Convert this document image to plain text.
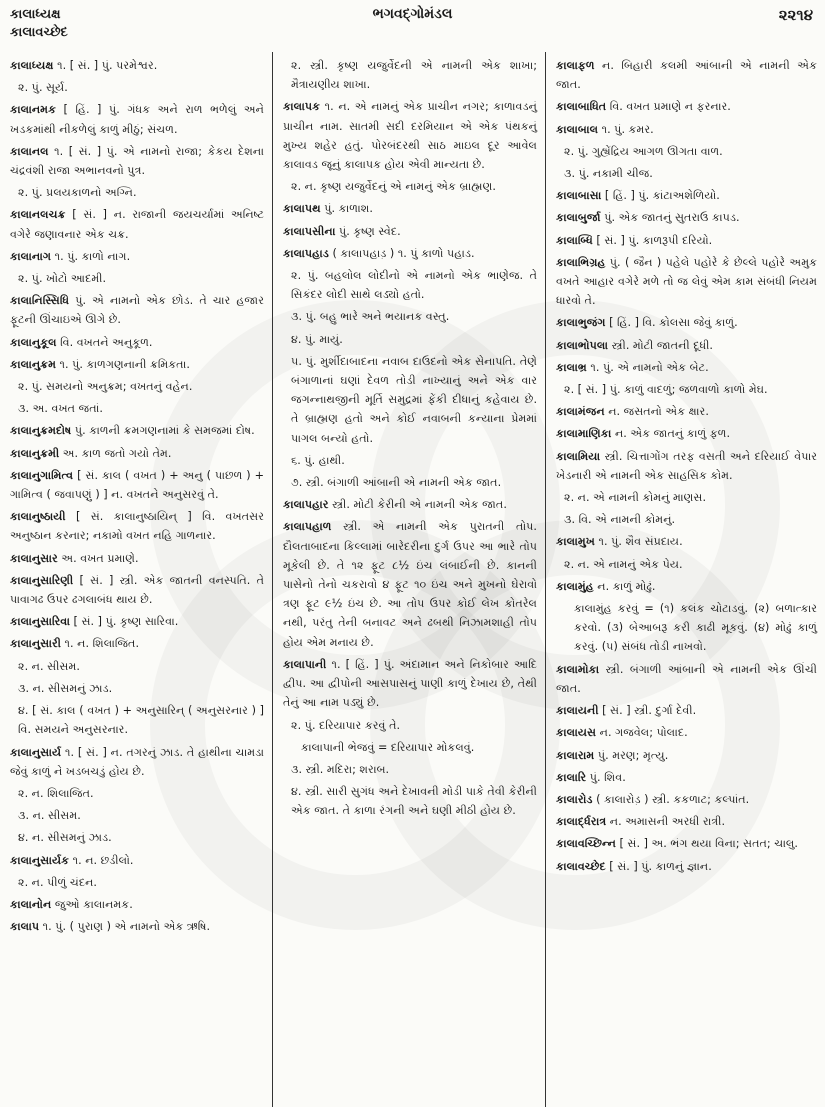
કાલાધ્યક્ષ
કાલાવચ્છેદ
ભગવદ્ગોમંડલ	૨૨૧૪
કાલાધ્યક્ષ ૧. [ સં. ] પું. પરમેશ્વર.
૨. પું. સૂર્ય.
કાલાનમક [ હિં. ] પું. ગંધક અને રાળ ભળેલું અને ખડકમાંથી નીકળેલું કાળું મીઠું; સંચળ.
કાલાનલ ૧. [ સં. ] પું. એ નામનો રાજા; કેકય દેશના ચંદ્રવંશી રાજા અભાનવનો પુત્ર.
૨. પું. પ્રલયકાળનો અગ્નિ.
કાલાનલચક્ર [ સં. ] ન. રાજાની જયચર્યામાં અનિષ્ટ વગેરે જણાવનાર એક ચક્ર.
કાલાનાગ ૧. પું. કાળો નાગ.
૨. પું. ખોટો આદમી.
કાલાનિસ્સિધિ પું. એ નામનો એક છોડ. તે ચાર હજાર ફૂટની ઊંચાઇએ ઊગે છે.
કાલાનુકૂલ વિ. વખતને અનુકૂળ.
કાલાનુક્રમ ૧. પું. કાળગણનાની ક્રમિકતા.
૨. પું. સમયનો અનુક્રમ; વખતનું વહેન.
૩. અ. વખત જતાં.
કાલાનુક્રમદોષ પું. કાળની ક્રમગણનામાં કે સમજમાં દોષ.
કાલાનુક્રમી અ. કાળ જતો ગયો તેમ.
કાલાનુગામિત્વ [ સં. કાલ ( વખત ) + અનુ ( પાછળ ) + ગામિત્વ ( જવાપણું ) ] ન. વખતને અનુસરવું તે.
કાલાનુષ્ઠાયી [ સં. કાલાનુષ્ઠાયિન્ ] વિ. વખતસર અનુષ્ઠાન કરનાર; નકામો વખત નહિ ગાળનાર.
કાલાનુસાર અ. વખત પ્રમાણે.
કાલાનુસારિણી [ સં. ] સ્ત્રી. એક જાતની વનસ્પતિ. તે પાવાગઢ ઉપર ઢગલાબંધ થાય છે.
કાલાનુસારિવા [ સં. ] પું. કૃષ્ણ સારિવા.
કાલાનુસારી ૧. ન. શિલાજિત.
૨. ન. સીસમ.
૩. ન. સીસમનું ઝાડ.
૪. [ સં. કાલ ( વખત ) + અનુસારિન્ ( અનુસરનાર ) ] વિ. સમયને અનુસરનાર.
કાલાનુસાર્ય ૧. [ સં. ] ન. તગરનું ઝાડ. તે હાથીના ચામડા જેવું કાળું ને ખડબચડું હોય છે.
૨. ન. શિલાજિત.
૩. ન. સીસમ.
૪. ન. સીસમનું ઝાડ.
કાલાનુસાર્યક ૧. ન. છડીલો.
૨. ન. પીળું ચંદન.
કાલાનોન જુઓ કાલાનમક.
કાલાપ ૧. પું. ( પુરાણ ) એ નામનો એક ઋષિ.
૨. સ્ત્રી. કૃષ્ણ યજુર્વેદની એ નામની એક શાખા; મૈત્રાયણીય શાખા.
કાલાપક ૧. ન. એ નામનું એક પ્રાચીન નગર; કાળાવડનું પ્રાચીન નામ. સાતમી સદી દરમિયાન એ એક પંથકનું મુખ્ય શહેર હતું. પોરબંદરથી સાઠ માઇલ દૂર આવેલ કાલાવડ જૂનું કાલાપક હોય એવી માન્યતા છે.
૨. ન. કૃષ્ણ યજુર્વેદનું એ નામનું એક બ્રાહ્મણ.
કાલાપથ પું. કાળાશ.
કાલાપસીના પું. કૃષ્ણ સ્વેદ.
કાલાપહાડ ( કાલાપહાડ઼ ) ૧. પું કાળો પહાડ.
૨. પું. બહલોલ લોદીનો એ નામનો એક ભાણેજ. તે સિકંદર લોદી સાથે લડ્યો હતો.
૩. પું. બહુ ભારે અને ભયાનક વસ્તુ.
૪. પું. માયું.
૫. પું. મુર્શીદાબાદના નવાબ દાઉદનો એક સેનાપતિ. તેણે બંગાળાનાં ઘણાં દેવળ તોડી નાખ્યાનું અને એક વાર જગન્નાથજીની મૂર્તિ સમુદ્રમાં ફેંકી દીધાનું કહેવાય છે. તે બ્રાહ્મણ હતો અને કોઈ નવાબની કન્યાના પ્રેમમાં પાગલ બન્યો હતો.
૬. પું. હાથી.
૭. સ્ત્રી. બંગાળી આંબાની એ નામની એક જાત.
કાલાપહાર સ્ત્રી. મોટી કેરીની એ નામની એક જાત.
કાલાપહાળ સ્ત્રી. એ નામની એક પુરાતની તોપ. દૌલતાબાદના કિલ્લામાં બારેદરીના દુર્ગ ઉપર આ ભારે તોપ મૂકેલી છે. તે ૧૨ ફૂટ ૮½ ઇંચ લંબાઈની છે. કાનની પાસેનો તેનો ચકરાવો ૪ ફૂટ ૧૦ ઇંચ અને મુખનો ઘેરાવો ત્રણ ફૂટ ૯½ ઇંચ છે. આ તોપ ઉપર કોઈ લેખ કોતરેલ નથી, પરંતુ તેની બનાવટ અને ઢબથી નિઝામશાહી તોપ હોય એમ મનાય છે.
કાલાપાની ૧. [ હિં. ] પું. અંદામાન અને નિકોબાર આદિ દ્વીપ. આ દ્વીપોની આસપાસનું પાણી કાળું દેખાય છે, તેથી તેનું આ નામ પડ્યું છે.
૨. પું. દરિયાપાર કરવું તે.
કાલાપાની ભેજવું = દરિયાપાર મોકલવું.
૩. સ્ત્રી. મદિરા; શરાબ.
૪. સ્ત્રી. સારી સુગંધ અને દેખાવની મોડી પાકે તેવી કેરીની એક જાત. તે કાળા રંગની અને ઘણી મીઠી હોય છે.
કાલાફળ ન. બિહારી કલમી આંબાની એ નામની એક જાત.
કાલાબાધિત વિ. વખત પ્રમાણે ન ફરનાર.
કાલાબાલ ૧. પું. કમર.
૨. પું. ગુહ્યેંદ્રિય આગળ ઊગતા વાળ.
૩. પું. નકામી ચીજ.
કાલાબાસા [ હિં. ] પું. કાંટાઅશેળિયો.
કાલાબુર્જા પું. એક જાતનું સુતરાઉ કાપડ.
કાલાબ્ધિ [ સં. ] પું. કાળરૂપી દરિયો.
કાલાભિગ્રહ પું. ( જૈન ) પહેલે પહોરે કે છેલ્લે પહોરે અમુક વખતે આહાર વગેરે મળે તો જ લેવું એમ કામ સંબંધી નિયમ ધારવો તે.
કાલાભુજંગ [ હિં. ] વિ. કોલસા જેવું કાળું.
કાલાભોપલા સ્ત્રી. મોટી જાતની દૂધી.
કાલાભ્ર ૧. પું. એ નામનો એક બેટ.
૨. [ સં. ] પું. કાળું વાદળું; જળવાળો કાળો મેઘ.
કાલામંજન ન. જસતનો એક ક્ષાર.
કાલામાણિકા ન. એક જાતનું કાળું ફળ.
કાલામિયા સ્ત્રી. ચિત્તાગોંગ તરફ વસતી અને દરિયાઈ વેપાર ખેડનારી એ નામની એક સાહસિક કોમ.
૨. ન. એ નામની કોમનું માણસ.
૩. વિ. એ નામની કોમનું.
કાલામુખ ૧. પું. શૈવ સંપ્રદાય.
૨. ન. એ નામનું એક પેય.
કાલામુંહ ન. કાળું મોઢું.
કાલામુંહ કરવું = (૧) કલંક ચોટાડવું. (૨) બળાત્કાર કરવો. (૩) બેઆબરૂ કરી કાઢી મૂકવું. (૪) મોઢું કાળું કરવું. (૫) સંબંધ તોડી નાખવો.
કાલામોકા સ્ત્રી. બંગાળી આંબાની એ નામની એક ઊંચી જાત.
કાલાયની [ સં. ] સ્ત્રી. દુર્ગા દેવી.
કાલાયસ ન. ગજવેલ; પોલાદ.
કાલારામ પું. મરણ; મૃત્યુ.
કાલારિ પું. શિવ.
કાલારોડ ( કાલારોડ઼ ) સ્ત્રી. કકળાટ; કલ્પાંત.
કાલાર્દ્ધરાત્ર ન. અમાસની અરધી રાત્રી.
કાલાવચ્છિન્ન [ સં. ] અ. ભંગ થયા વિના; સતત; ચાલુ.
કાલાવચ્છેદ [ સં. ] પું. કાળનું જ્ઞાન.
